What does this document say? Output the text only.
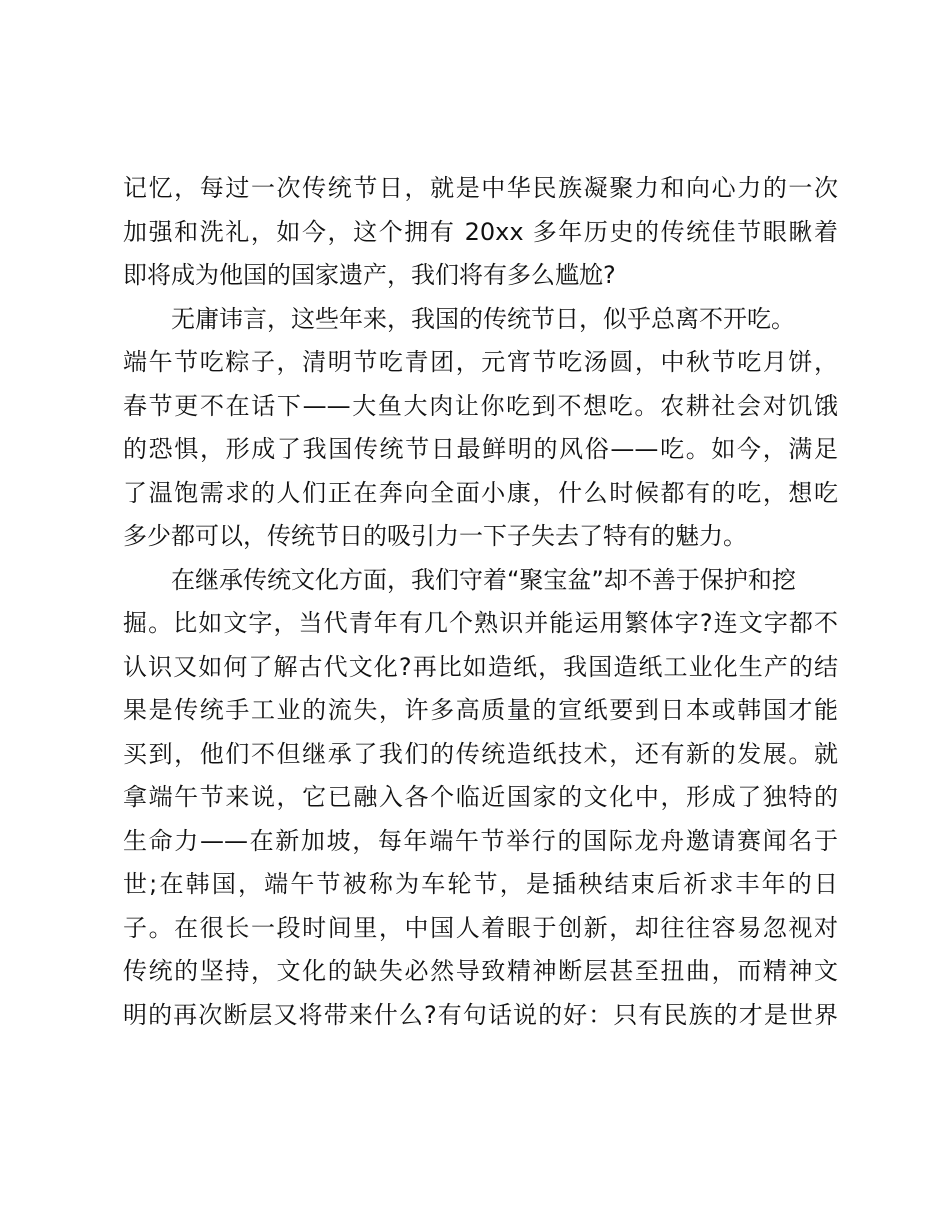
记忆，每过一次传统节日，就是中华民族凝聚力和向心力的一次
加强和洗礼，如今，这个拥有 20xx 多年历史的传统佳节眼瞅着
即将成为他国的国家遗产，我们将有多么尴尬?
无庸讳言，这些年来，我国的传统节日，似乎总离不开吃。
端午节吃粽子，清明节吃青团，元宵节吃汤圆，中秋节吃月饼，
春节更不在话下——大鱼大肉让你吃到不想吃。农耕社会对饥饿
的恐惧，形成了我国传统节日最鲜明的风俗——吃。如今，满足
了温饱需求的人们正在奔向全面小康，什么时候都有的吃，想吃
多少都可以，传统节日的吸引力一下子失去了特有的魅力。
在继承传统文化方面，我们守着“聚宝盆”却不善于保护和挖
掘。比如文字，当代青年有几个熟识并能运用繁体字?连文字都不
认识又如何了解古代文化?再比如造纸，我国造纸工业化生产的结
果是传统手工业的流失，许多高质量的宣纸要到日本或韩国才能
买到，他们不但继承了我们的传统造纸技术，还有新的发展。就
拿端午节来说，它已融入各个临近国家的文化中，形成了独特的
生命力——在新加坡，每年端午节举行的国际龙舟邀请赛闻名于
世;在韩国，端午节被称为车轮节，是插秧结束后祈求丰年的日
子。在很长一段时间里，中国人着眼于创新，却往往容易忽视对
传统的坚持，文化的缺失必然导致精神断层甚至扭曲，而精神文
明的再次断层又将带来什么?有句话说的好：只有民族的才是世界
